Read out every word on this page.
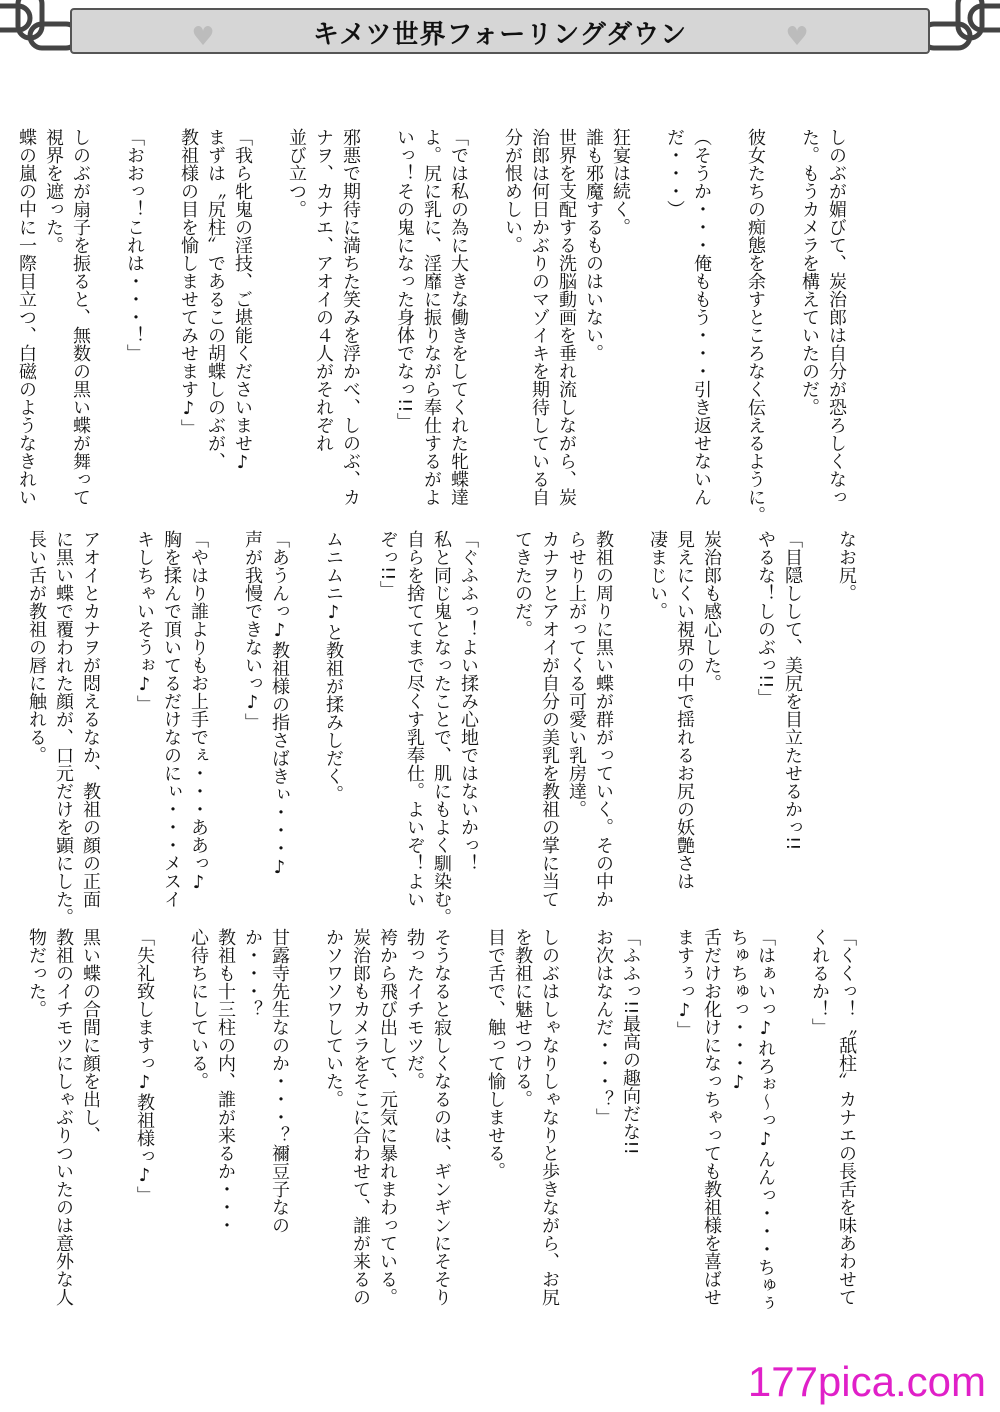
♥	キメツ世界フォーリングダウン	♥
しのぶが媚びて、炭治郎は自分が恐ろしくなっ
た。もうカメラを構えていたのだ。
彼女たちの痴態を余すところなく伝えるように。
（そうか・・・俺ももう・・・引き返せないん
だ・・・）
狂宴は続く。
誰も邪魔するものはいない。
世界を支配する洗脳動画を垂れ流しながら、炭
治郎は何日かぶりのマゾイキを期待している自
分が恨めしい。
「では私の為に大きな働きをしてくれた牝蝶達
よ。尻に乳に、淫靡に振りながら奉仕するがよ
いっ！その鬼になった身体でなっ!!」
邪悪で期待に満ちた笑みを浮かべ、しのぶ、カ
ナヲ、カナエ、アオイの４人がそれぞれ
並び立つ。
「我ら牝鬼の淫技、ご堪能くださいませ♪
まずは〝尻柱〟であるこの胡蝶しのぶが、
教祖様の目を愉しませてみせます♪」
「おおっ！これは・・・！」
しのぶが扇子を振ると、無数の黒い蝶が舞って
視界を遮った。
蝶の嵐の中に一際目立つ、白磁のようなきれい
なお尻。
「目隠しして、美尻を目立たせるかっ!!
やるな！しのぶっ!!」
炭治郎も感心した。
見えにくい視界の中で揺れるお尻の妖艶さは
凄まじい。
教祖の周りに黒い蝶が群がっていく。その中か
らせり上がってくる可愛い乳房達。
カナヲとアオイが自分の美乳を教祖の掌に当て
てきたのだ。
「ぐふふっ！よい揉み心地ではないかっ！
私と同じ鬼となったことで、肌にもよく馴染む。
自らを捨ててまで尽くす乳奉仕。よいぞ！よい
ぞっ!!」
ムニムニ♪と教祖が揉みしだく。
「あうんっ♪教祖様の指さばきぃ・・・♪
声が我慢できないっ♪」
「やはり誰よりもお上手でぇ・・・ああっ♪
胸を揉んで頂いてるだけなのにぃ・・・メスイ
キしちゃいそうぉ♪」
アオイとカナヲが悶えるなか、教祖の顔の正面
に黒い蝶で覆われた顔が、口元だけを顕にした。
長い舌が教祖の唇に触れる。
「くくっ！〝舐柱〟カナエの長舌を味あわせて
くれるか！」
「はぁいっ♪れろぉ〜っ♪んんっ・・・ちゅぅ
ちゅちゅっ・・・♪
舌だけお化けになっちゃっても教祖様を喜ばせ
ますぅっ♪」
「ふふっ!!最高の趣向だな!!
お次はなんだ・・・？」
しのぶはしゃなりしゃなりと歩きながら、お尻
を教祖に魅せつける。
目で舌で、触って愉しませる。
そうなると寂しくなるのは、ギンギンにそそり
勃ったイチモツだ。
袴から飛び出して、元気に暴れまわっている。
炭治郎もカメラをそこに合わせて、誰が来るの
かソワソワしていた。
甘露寺先生なのか・・・？禰豆子なの
か・・・？
教祖も十三柱の内、誰が来るか・・・
心待ちにしている。
「失礼致しますっ♪教祖様っ♪」
黒い蝶の合間に顔を出し、
教祖のイチモツにしゃぶりついたのは意外な人
物だった。
177pica.com
